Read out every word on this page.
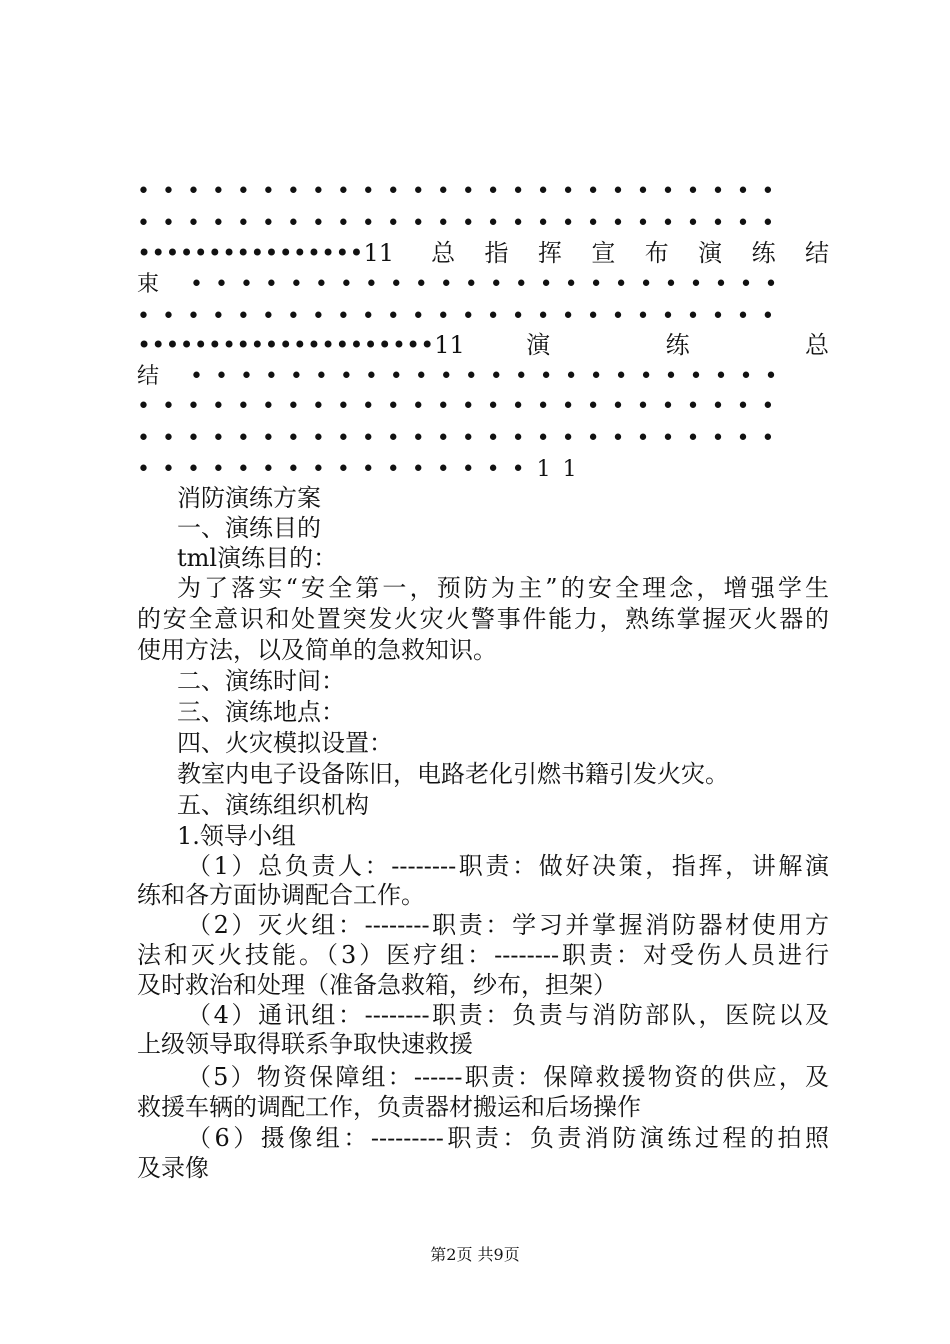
••••••••••••••••••••••••••
••••••••••••••••••••••••••
••••••••••••••••11 总指挥宣布演练结
束 ••••••••••••••••••••••••
••••••••••••••••••••••••••
•••••••••••••••••••••11 演 练 总
结 ••••••••••••••••••••••••
••••••••••••••••••••••••••
••••••••••••••••••••••••••
••••••••••••••••11
消防演练方案
一、演练目的
tml演练目的：
为了落实“安全第一，预防为主”的安全理念，增强学生
的安全意识和处置突发火灾火警事件能力，熟练掌握灭火器的
使用方法，以及简单的急救知识。
二、演练时间：
三、演练地点：
四、火灾模拟设置：
教室内电子设备陈旧，电路老化引燃书籍引发火灾。
五、演练组织机构
1.领导小组
（1）总负责人：--------职责：做好决策，指挥，讲解演
练和各方面协调配合工作。
（2）灭火组：--------职责：学习并掌握消防器材使用方
法和灭火技能。（3）医疗组：--------职责：对受伤人员进行
及时救治和处理（准备急救箱，纱布，担架）
（4）通讯组：--------职责：负责与消防部队，医院以及
上级领导取得联系争取快速救援
（5）物资保障组：------职责：保障救援物资的供应，及
救援车辆的调配工作，负责器材搬运和后场操作
（6）摄像组：---------职责：负责消防演练过程的拍照
及录像
第2页 共9页
